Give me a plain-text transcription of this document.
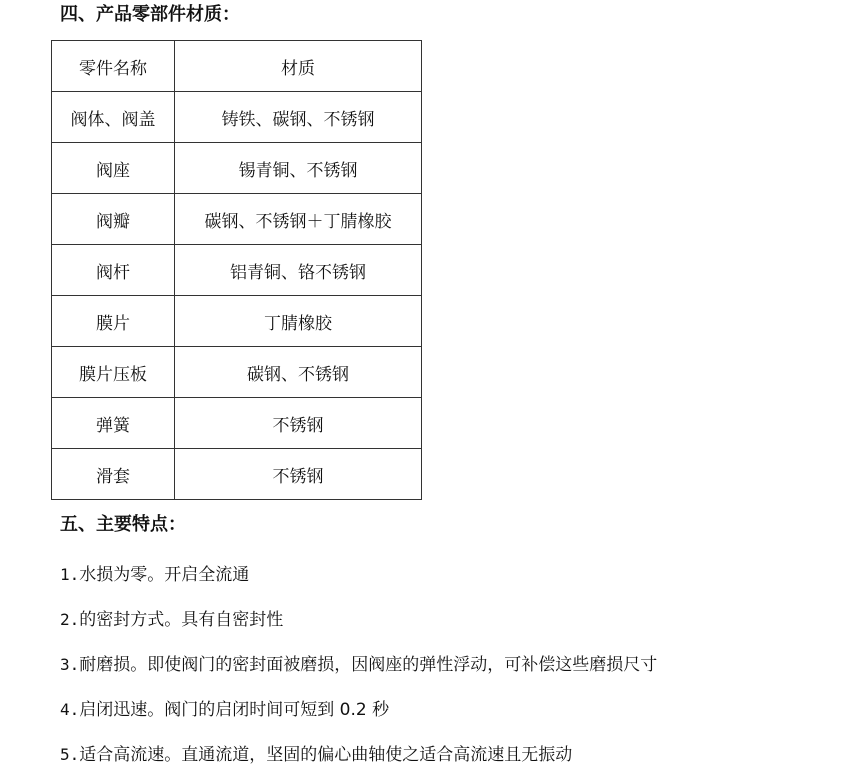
四、产品零部件材质：
零件名称	材质
阀体、阀盖	铸铁、碳钢、不锈钢
阀座	锡青铜、不锈钢
阀瓣	碳钢、不锈钢＋丁腈橡胶
阀杆	铝青铜、铬不锈钢
膜片	丁腈橡胶
膜片压板	碳钢、不锈钢
弹簧	不锈钢
滑套	不锈钢
五、主要特点：
1.水损为零。开启全流通
2.的密封方式。具有自密封性
3.耐磨损。即使阀门的密封面被磨损，因阀座的弹性浮动，可补偿这些磨损尺寸
4.启闭迅速。阀门的启闭时间可短到 0.2 秒
5.适合高流速。直通流道，坚固的偏心曲轴使之适合高流速且无振动
